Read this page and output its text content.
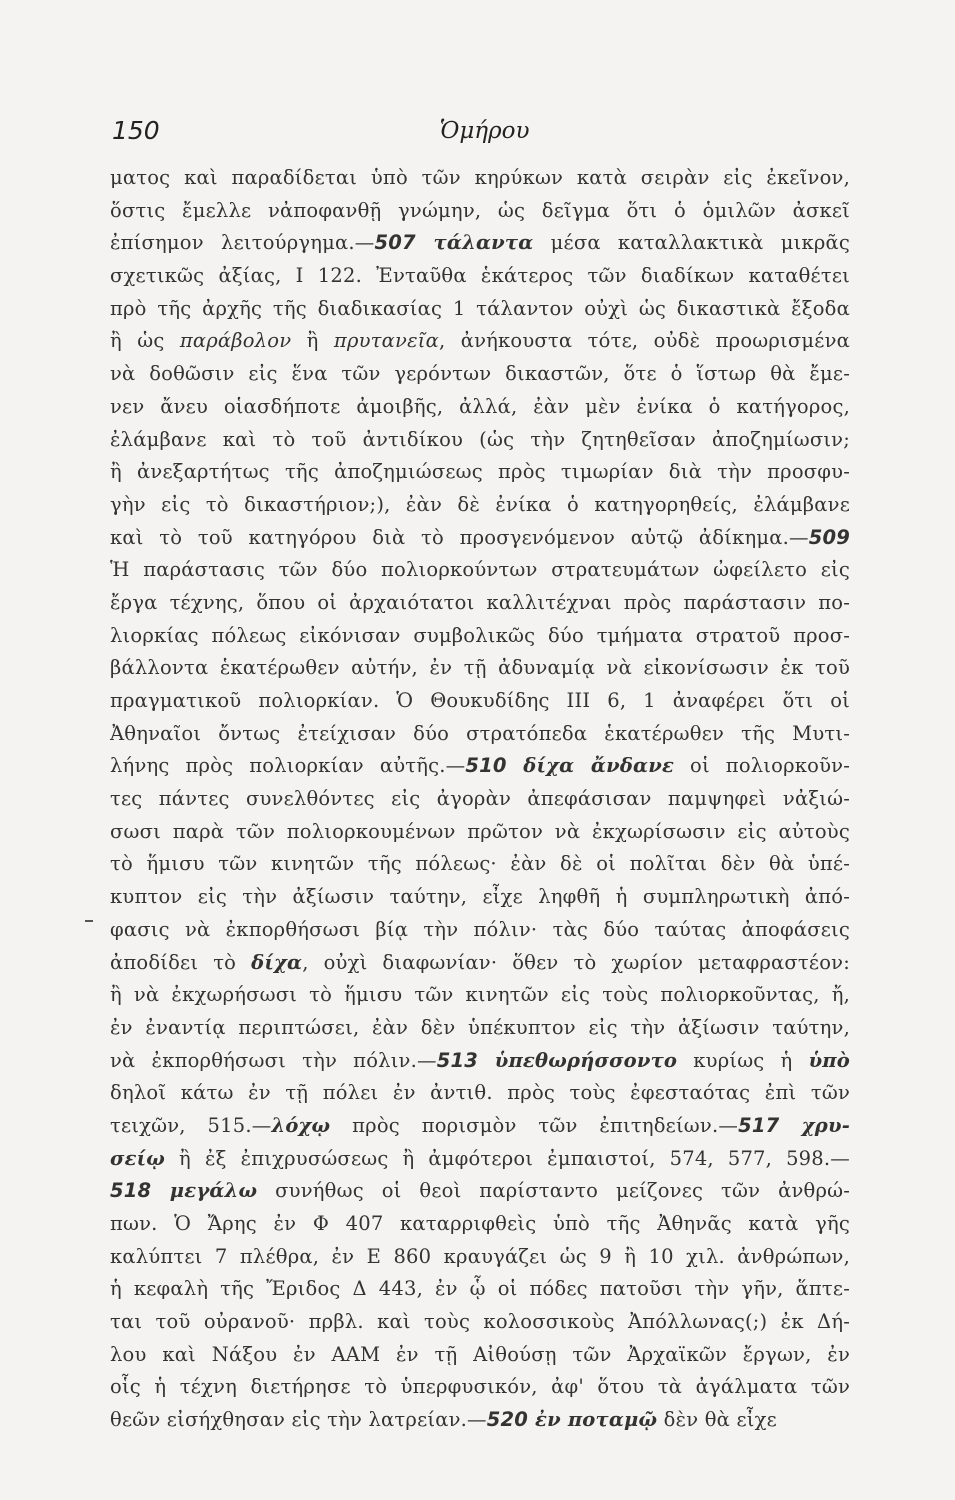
150	Ὁμήρου
ματος καὶ παραδίδεται ὑπὸ τῶν κηρύκων κατὰ σειρὰν εἰς ἐκεῖνον,
ὅστις ἔμελλε νἀποφανθῇ γνώμην, ὡς δεῖγμα ὅτι ὁ ὁμιλῶν ἀσκεῖ
ἐπίσημον λειτούργημα.—507 τάλαντα μέσα καταλλακτικὰ μικρᾶς
σχετικῶς ἀξίας, Ι 122. Ἐνταῦθα ἑκάτερος τῶν διαδίκων καταθέτει
πρὸ τῆς ἀρχῆς τῆς διαδικασίας 1 τάλαντον οὐχὶ ὡς δικαστικὰ ἔξοδα
ἢ ὡς παράβολον ἢ πρυτανεῖα, ἀνήκουστα τότε, οὐδὲ προωρισμένα
νὰ δοθῶσιν εἰς ἕνα τῶν γερόντων δικαστῶν, ὅτε ὁ ἵστωρ θὰ ἔμε-
νεν ἄνευ οἱασδήποτε ἀμοιβῆς, ἀλλά, ἐὰν μὲν ἐνίκα ὁ κατήγορος,
ἐλάμβανε καὶ τὸ τοῦ ἀντιδίκου (ὡς τὴν ζητηθεῖσαν ἀποζημίωσιν;
ἢ ἀνεξαρτήτως τῆς ἀποζημιώσεως πρὸς τιμωρίαν διὰ τὴν προσφυ-
γὴν εἰς τὸ δικαστήριον;), ἐὰν δὲ ἐνίκα ὁ κατηγορηθείς, ἐλάμβανε
καὶ τὸ τοῦ κατηγόρου διὰ τὸ προσγενόμενον αὐτῷ ἀδίκημα.—509
Ἡ παράστασις τῶν δύο πολιορκούντων στρατευμάτων ὠφείλετο εἰς
ἔργα τέχνης, ὅπου οἱ ἀρχαιότατοι καλλιτέχναι πρὸς παράστασιν πο-
λιορκίας πόλεως εἰκόνισαν συμβολικῶς δύο τμήματα στρατοῦ προσ-
βάλλοντα ἑκατέρωθεν αὐτήν, ἐν τῇ ἀδυναμίᾳ νὰ εἰκονίσωσιν ἐκ τοῦ
πραγματικοῦ πολιορκίαν. Ὁ Θουκυδίδης III 6, 1 ἀναφέρει ὅτι οἱ
Ἀθηναῖοι ὄντως ἐτείχισαν δύο στρατόπεδα ἑκατέρωθεν τῆς Μυτι-
λήνης πρὸς πολιορκίαν αὐτῆς.—510 δίχα ἄνδανε οἱ πολιορκοῦν-
τες πάντες συνελθόντες εἰς ἀγορὰν ἀπεφάσισαν παμψηφεὶ νἀξιώ-
σωσι παρὰ τῶν πολιορκουμένων πρῶτον νὰ ἐκχωρίσωσιν εἰς αὐτοὺς
τὸ ἥμισυ τῶν κινητῶν τῆς πόλεως· ἐὰν δὲ οἱ πολῖται δὲν θὰ ὑπέ-
κυπτον εἰς τὴν ἀξίωσιν ταύτην, εἶχε ληφθῆ ἡ συμπληρωτικὴ ἀπό-
φασις νὰ ἐκπορθήσωσι βίᾳ τὴν πόλιν· τὰς δύο ταύτας ἀποφάσεις
ἀποδίδει τὸ δίχα, οὐχὶ διαφωνίαν· ὅθεν τὸ χωρίον μεταφραστέον:
ἢ νὰ ἐκχωρήσωσι τὸ ἥμισυ τῶν κινητῶν εἰς τοὺς πολιορκοῦντας, ἤ,
ἐν ἐναντίᾳ περιπτώσει, ἐὰν δὲν ὑπέκυπτον εἰς τὴν ἀξίωσιν ταύτην,
νὰ ἐκπορθήσωσι τὴν πόλιν.—513 ὑπεθωρήσσοντο κυρίως ἡ ὑπὸ
δηλοῖ κάτω ἐν τῇ πόλει ἐν ἀντιθ. πρὸς τοὺς ἐφεσταότας ἐπὶ τῶν
τειχῶν, 515.—λόχῳ πρὸς πορισμὸν τῶν ἐπιτηδείων.—517 χρυ-
σείῳ ἢ ἐξ ἐπιχρυσώσεως ἢ ἀμφότεροι ἐμπαιστοί, 574, 577, 598.—
518 μεγάλω συνήθως οἱ θεοὶ παρίσταντο μείζονες τῶν ἀνθρώ-
πων. Ὁ Ἄρης ἐν Φ 407 καταρριφθεὶς ὑπὸ τῆς Ἀθηνᾶς κατὰ γῆς
καλύπτει 7 πλέθρα, ἐν Ε 860 κραυγάζει ὡς 9 ἢ 10 χιλ. ἀνθρώπων,
ἡ κεφαλὴ τῆς Ἔριδος Δ 443, ἐν ᾧ οἱ πόδες πατοῦσι τὴν γῆν, ἅπτε-
ται τοῦ οὐρανοῦ· πρβλ. καὶ τοὺς κολοσσικοὺς Ἀπόλλωνας(;) ἐκ Δή-
λου καὶ Νάξου ἐν ΑΑΜ ἐν τῇ Αἰθούσῃ τῶν Ἀρχαϊκῶν ἔργων, ἐν
οἷς ἡ τέχνη διετήρησε τὸ ὑπερφυσικόν, ἀφ' ὅτου τὰ ἀγάλματα τῶν
θεῶν εἰσήχθησαν εἰς τὴν λατρείαν.—520 ἐν ποταμῷ δὲν θὰ εἶχε
